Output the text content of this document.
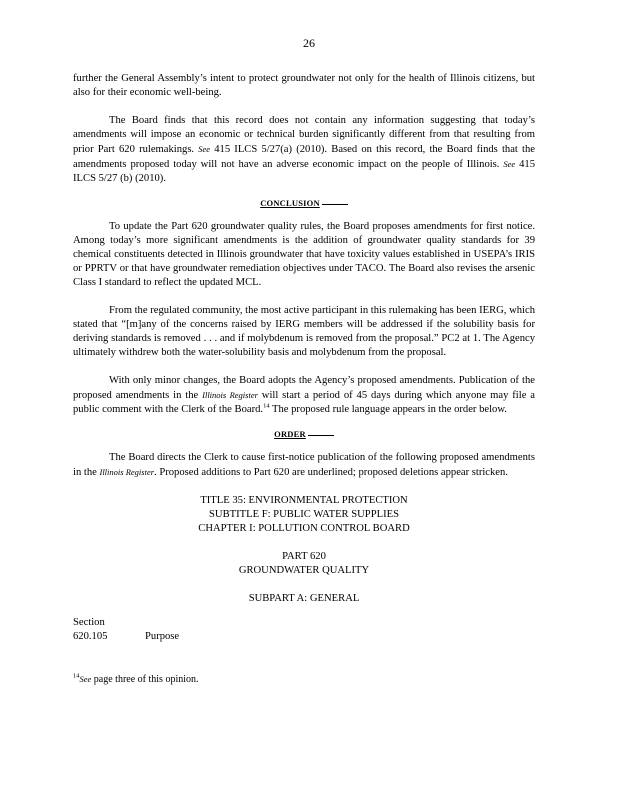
26

further the General Assembly’s intent to protect groundwater not only for the health of Illinois citizens, but also for their economic well-being.

The Board finds that this record does not contain any information suggesting that today’s amendments will impose an economic or technical burden significantly different from that resulting from prior Part 620 rulemakings. See 415 ILCS 5/27(a) (2010). Based on this record, the Board finds that the amendments proposed today will not have an adverse economic impact on the people of Illinois. See 415 ILCS 5/27 (b) (2010).

CONCLUSION

To update the Part 620 groundwater quality rules, the Board proposes amendments for first notice. Among today’s more significant amendments is the addition of groundwater quality standards for 39 chemical constituents detected in Illinois groundwater that have toxicity values established in USEPA’s IRIS or PPRTV or that have groundwater remediation objectives under TACO. The Board also revises the arsenic Class I standard to reflect the updated MCL.

From the regulated community, the most active participant in this rulemaking has been IERG, which stated that “[m]any of the concerns raised by IERG members will be addressed if the solubility basis for deriving standards is removed . . . and if molybdenum is removed from the proposal.” PC2 at 1. The Agency ultimately withdrew both the water-solubility basis and molybdenum from the proposal.

With only minor changes, the Board adopts the Agency’s proposed amendments. Publication of the proposed amendments in the Illinois Register will start a period of 45 days during which anyone may file a public comment with the Clerk of the Board.$^{14}$ The proposed rule language appears in the order below.

ORDER

The Board directs the Clerk to cause first-notice publication of the following proposed amendments in the Illinois Register. Proposed additions to Part 620 are underlined; proposed deletions appear stricken.

TITLE 35: ENVIRONMENTAL PROTECTION
SUBTITLE F: PUBLIC WATER SUPPLIES
CHAPTER I: POLLUTION CONTROL BOARD
PART 620
GROUNDWATER QUALITY
SUBPART A: GENERAL
Section
620.105	Purpose

$^{14}$See page three of this opinion.
